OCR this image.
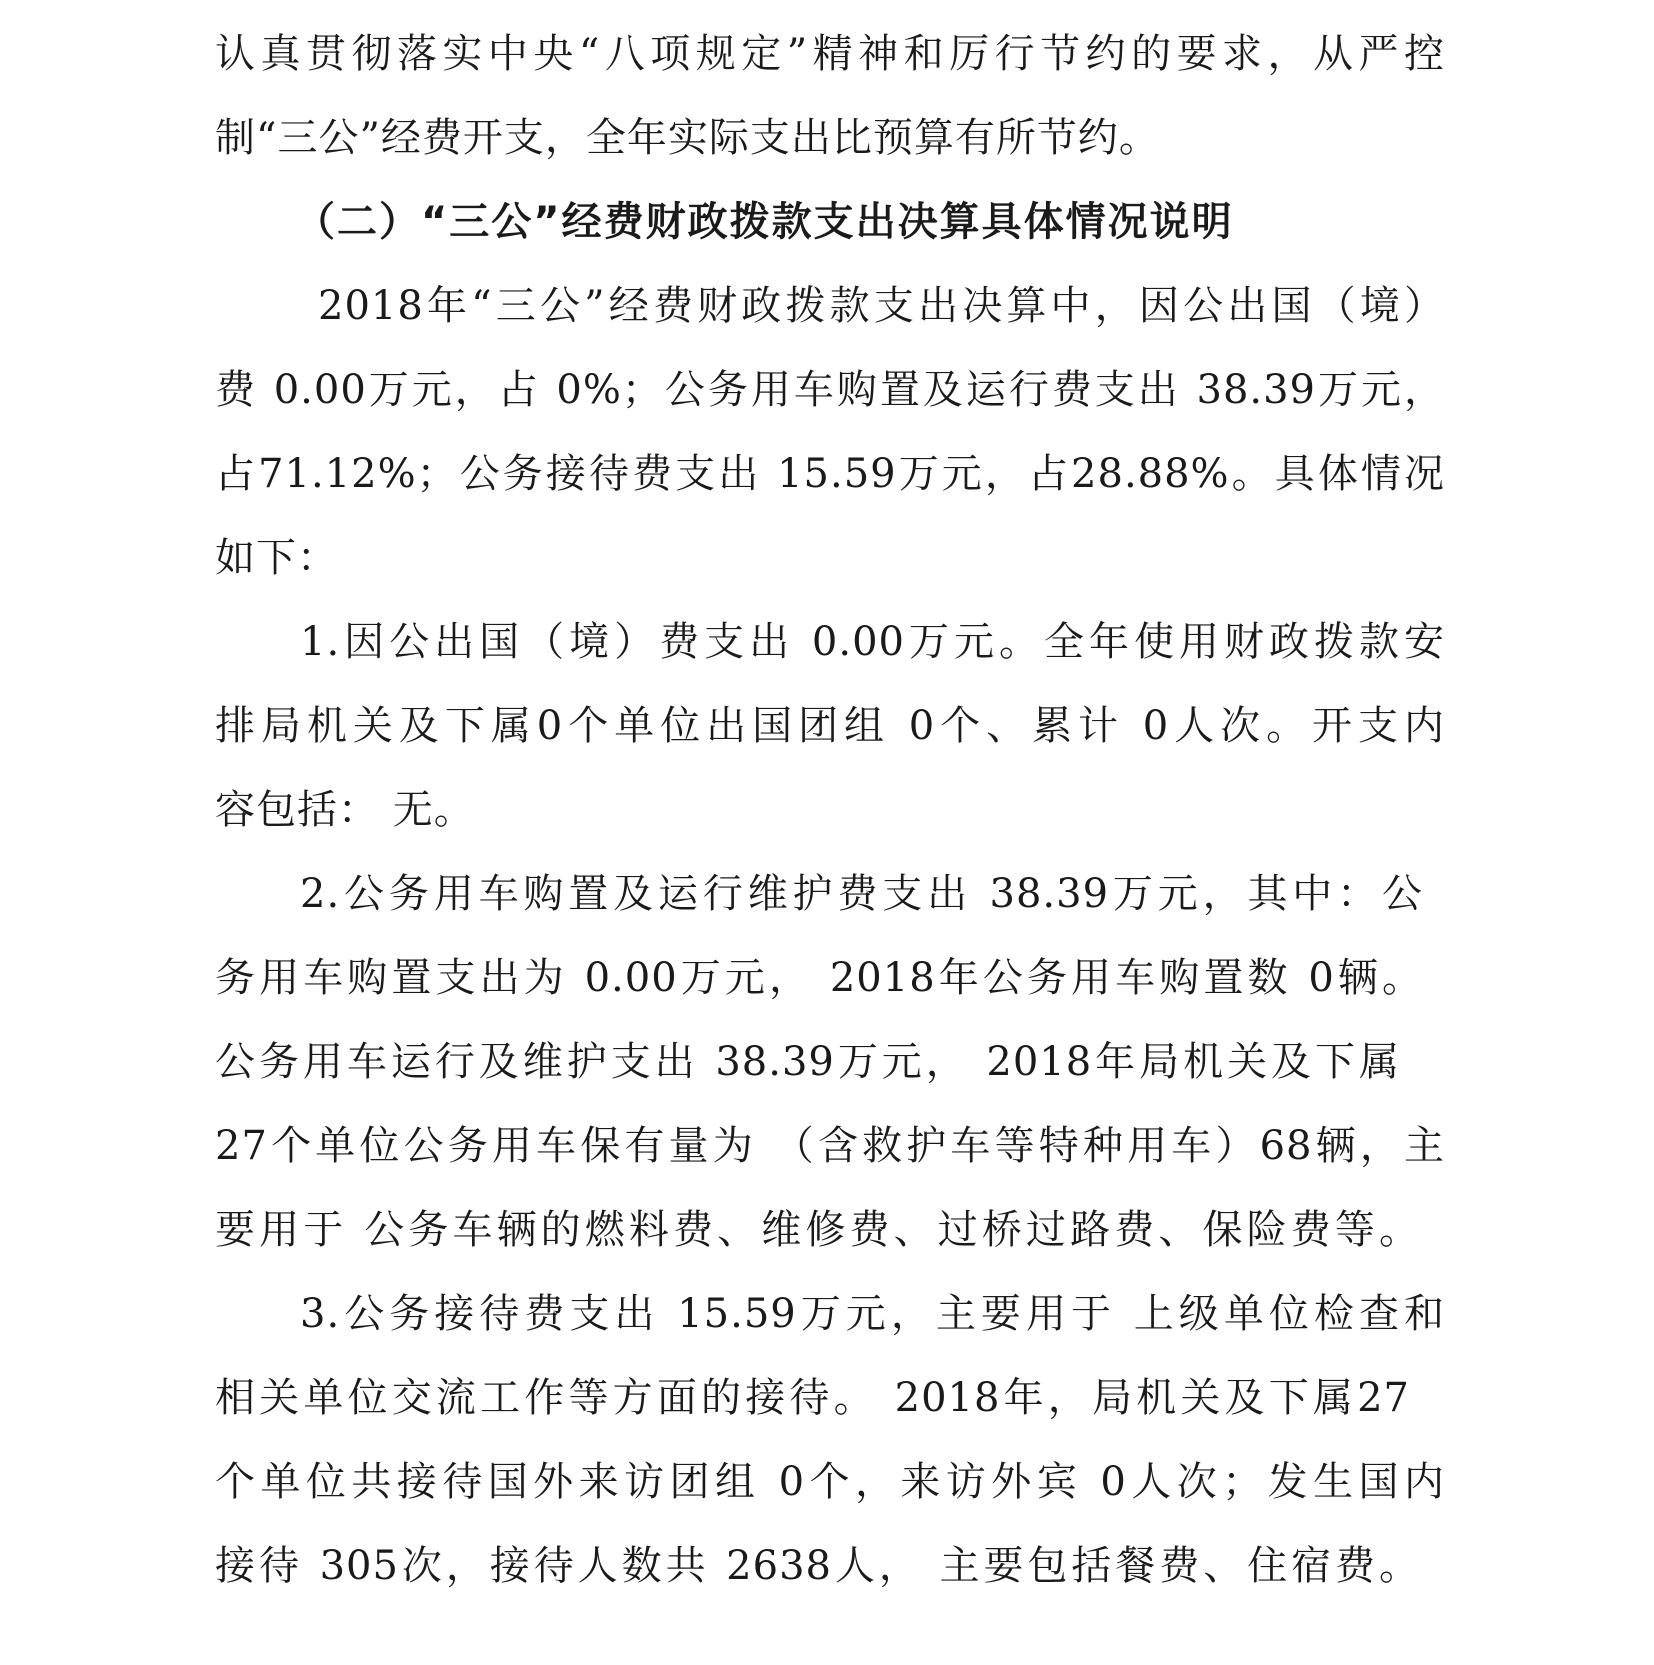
认真贯彻落实中央“八项规定”精神和厉行节约的要求，从严控
制“三公”经费开支，全年实际支出比预算有所节约。
（二）“三公”经费财政拨款支出决算具体情况说明
2018年“三公”经费财政拨款支出决算中，因公出国（境）
费 0.00万元，占 0%；公务用车购置及运行费支出 38.39万元，
占71.12%；公务接待费支出 15.59万元，占28.88%。具体情况
如下：
1.因公出国（境）费支出 0.00万元。全年使用财政拨款安
排局机关及下属0个单位出国团组 0个、累计 0人次。开支内
容包括： 无。
2.公务用车购置及运行维护费支出 38.39万元，其中：公
务用车购置支出为 0.00万元， 2018年公务用车购置数 0辆。
公务用车运行及维护支出 38.39万元， 2018年局机关及下属
27个单位公务用车保有量为 （含救护车等特种用车）68辆，主
要用于 公务车辆的燃料费、维修费、过桥过路费、保险费等。
3.公务接待费支出 15.59万元，主要用于 上级单位检查和
相关单位交流工作等方面的接待。 2018年，局机关及下属27
个单位共接待国外来访团组 0个，来访外宾 0人次；发生国内
接待 305次，接待人数共 2638人， 主要包括餐费、住宿费。
